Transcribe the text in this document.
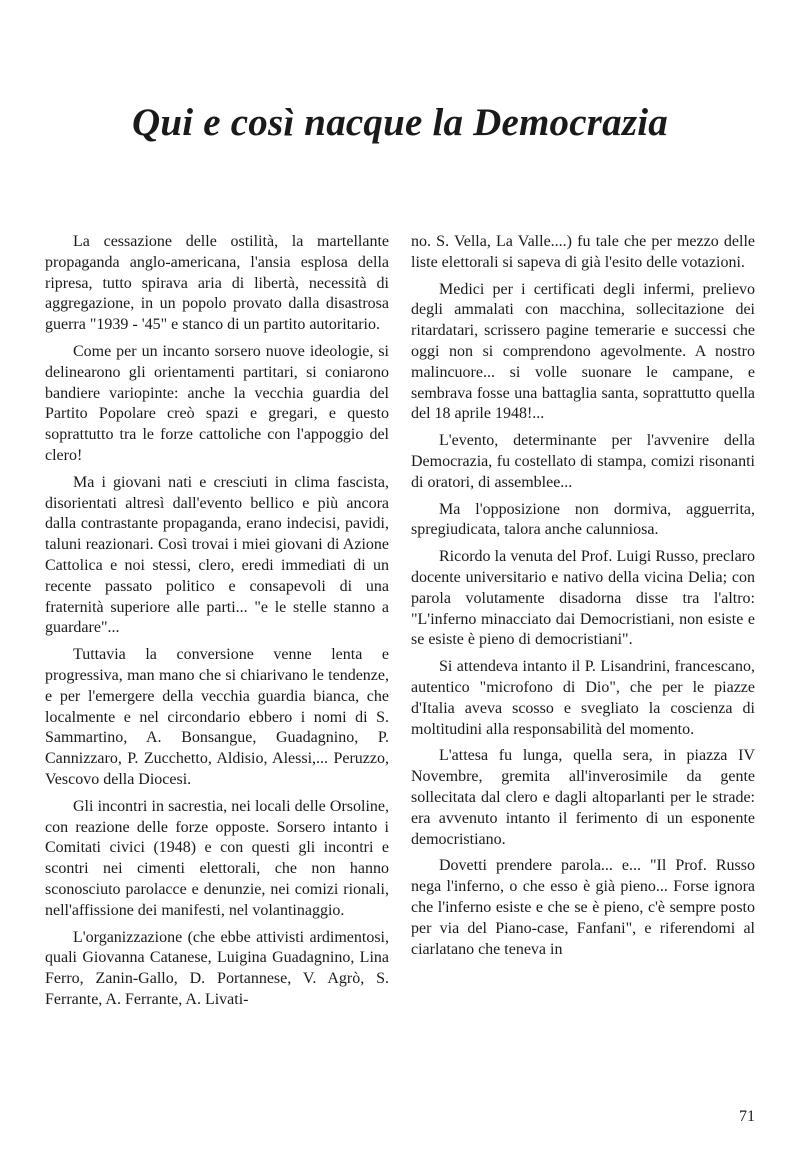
Qui e così nacque la Democrazia

La cessazione delle ostilità, la martellante propaganda anglo-americana, l'ansia esplosa della ripresa, tutto spirava aria di libertà, necessità di aggregazione, in un popolo provato dalla disastrosa guerra "1939 - '45" e stanco di un partito autoritario.

Come per un incanto sorsero nuove ideologie, si delinearono gli orientamenti partitari, si coniarono bandiere variopinte: anche la vecchia guardia del Partito Popolare creò spazi e gregari, e questo soprattutto tra le forze cattoliche con l'appoggio del clero!

Ma i giovani nati e cresciuti in clima fascista, disorientati altresì dall'evento bellico e più ancora dalla contrastante propaganda, erano indecisi, pavidi, taluni reazionari. Così trovai i miei giovani di Azione Cattolica e noi stessi, clero, eredi immediati di un recente passato politico e consapevoli di una fraternità superiore alle parti... "e le stelle stanno a guardare"...

Tuttavia la conversione venne lenta e progressiva, man mano che si chiarivano le tendenze, e per l'emergere della vecchia guardia bianca, che localmente e nel circondario ebbero i nomi di S. Sammartino, A. Bonsangue, Guadagnino, P. Cannizzaro, P. Zucchetto, Aldisio, Alessi,... Peruzzo, Vescovo della Diocesi.

Gli incontri in sacrestia, nei locali delle Orsoline, con reazione delle forze opposte. Sorsero intanto i Comitati civici (1948) e con questi gli incontri e scontri nei cimenti elettorali, che non hanno sconosciuto parolacce e denunzie, nei comizi rionali, nell'affissione dei manifesti, nel volantinaggio.

L'organizzazione (che ebbe attivisti ardimentosi, quali Giovanna Catanese, Luigina Guadagnino, Lina Ferro, Zanin-Gallo, D. Portannese, V. Agrò, S. Ferrante, A. Ferrante, A. Livati-

no. S. Vella, La Valle....) fu tale che per mezzo delle liste elettorali si sapeva di già l'esito delle votazioni.

Medici per i certificati degli infermi, prelievo degli ammalati con macchina, sollecitazione dei ritardatari, scrissero pagine temerarie e successi che oggi non si comprendono agevolmente. A nostro malincuore... si volle suonare le campane, e sembrava fosse una battaglia santa, soprattutto quella del 18 aprile 1948!...

L'evento, determinante per l'avvenire della Democrazia, fu costellato di stampa, comizi risonanti di oratori, di assemblee...

Ma l'opposizione non dormiva, agguerrita, spregiudicata, talora anche calunniosa.

Ricordo la venuta del Prof. Luigi Russo, preclaro docente universitario e nativo della vicina Delia; con parola volutamente disadorna disse tra l'altro: "L'inferno minacciato dai Democristiani, non esiste e se esiste è pieno di democristiani".

Si attendeva intanto il P. Lisandrini, francescano, autentico "microfono di Dio", che per le piazze d'Italia aveva scosso e svegliato la coscienza di moltitudini alla responsabilità del momento.

L'attesa fu lunga, quella sera, in piazza IV Novembre, gremita all'inverosimile da gente sollecitata dal clero e dagli altoparlanti per le strade: era avvenuto intanto il ferimento di un esponente democristiano.

Dovetti prendere parola... e... "Il Prof. Russo nega l'inferno, o che esso è già pieno... Forse ignora che l'inferno esiste e che se è pieno, c'è sempre posto per via del Piano-case, Fanfani", e riferendomi al ciarlatano che teneva in

71
